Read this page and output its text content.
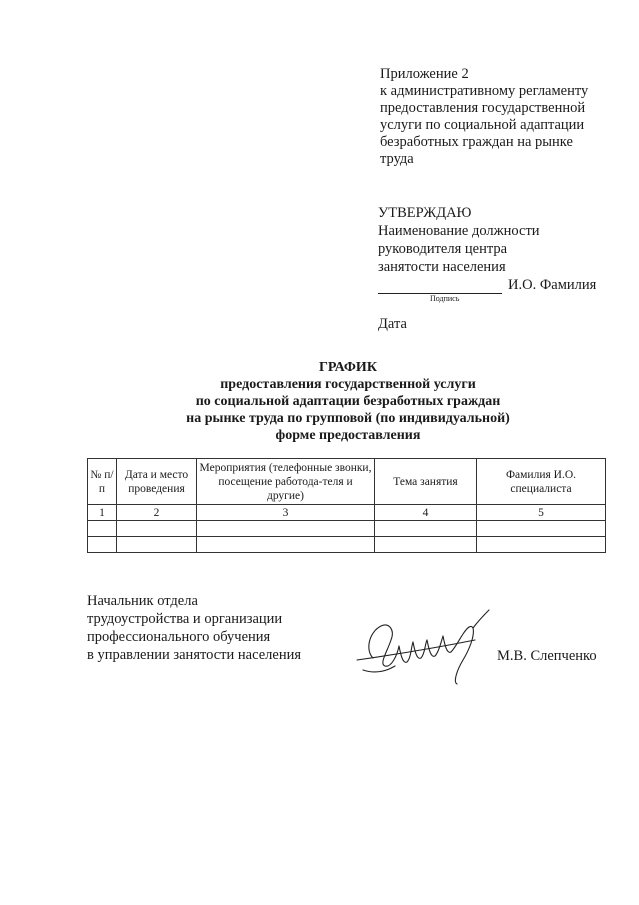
Приложение 2
к административному регламенту
предоставления государственной
услуги по социальной адаптации
безработных граждан на рынке
труда
УТВЕРЖДАЮ
Наименование должности
руководителя центра
занятости населения
И.О. Фамилия
Подпись
Дата
ГРАФИК
предоставления государственной услуги
по социальной адаптации безработных граждан
на рынке труда по групповой (по индивидуальной)
форме предоставления
№ п/п	Дата и место проведения	Мероприятия (телефонные звонки, посещение работода-теля и другие)	Тема занятия	Фамилия И.О. специалиста
1	2	3	4	5

Начальник отдела
трудоустройства и организации
профессионального обучения
в управлении занятости населения	М.В. Слепченко
